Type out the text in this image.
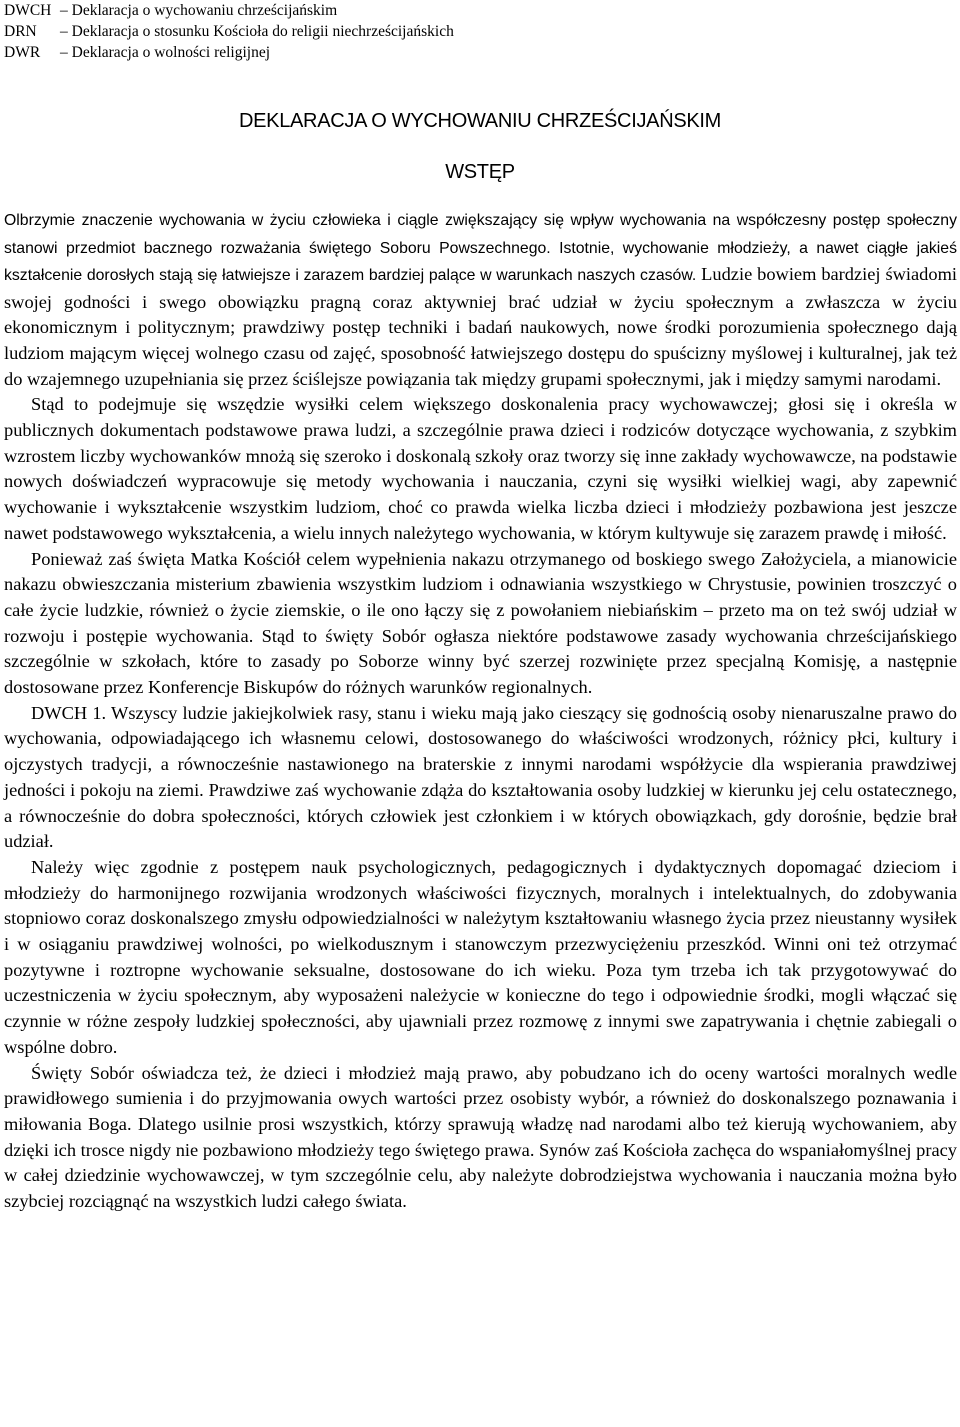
DWCH – Deklaracja o wychowaniu chrześcijańskim
DRN	– Deklaracja o stosunku Kościoła do religii niechrześcijańskich
DWR	– Deklaracja o wolności religijnej
DEKLARACJA O WYCHOWANIU CHRZEŚCIJAŃSKIM
WSTĘP

Olbrzymie znaczenie wychowania w życiu człowieka i ciągle zwiększający się wpływ wychowania na współczesny postęp społeczny stanowi przedmiot bacznego rozważania świętego Soboru Powszechnego. Istotnie, wychowanie młodzieży, a nawet ciągłe jakieś kształcenie dorosłych stają się łatwiejsze i zarazem bardziej palące w warunkach naszych czasów. Ludzie bowiem bardziej świadomi swojej godności i swego obowiązku pragną coraz aktywniej brać udział w życiu społecznym a zwłaszcza w życiu ekonomicznym i politycznym; prawdziwy postęp techniki i badań naukowych, nowe środki porozumienia społecznego dają ludziom mającym więcej wolnego czasu od zajęć, sposobność łatwiejszego dostępu do spuścizny myślowej i kulturalnej, jak też do wzajemnego uzupełniania się przez ściślejsze powiązania tak między grupami społecznymi, jak i między samymi narodami.

Stąd to podejmuje się wszędzie wysiłki celem większego doskonalenia pracy wychowawczej; głosi się i określa w publicznych dokumentach podstawowe prawa ludzi, a szczególnie prawa dzieci i rodziców dotyczące wychowania, z szybkim wzrostem liczby wychowanków mnożą się szeroko i doskonalą szkoły oraz tworzy się inne zakłady wychowawcze, na podstawie nowych doświadczeń wypracowuje się metody wychowania i nauczania, czyni się wysiłki wielkiej wagi, aby zapewnić wychowanie i wykształcenie wszystkim ludziom, choć co prawda wielka liczba dzieci i młodzieży pozbawiona jest jeszcze nawet podstawowego wykształcenia, a wielu innych należytego wychowania, w którym kultywuje się zarazem prawdę i miłość.

Ponieważ zaś święta Matka Kościół celem wypełnienia nakazu otrzymanego od boskiego swego Założyciela, a mianowicie nakazu obwieszczania misterium zbawienia wszystkim ludziom i odnawiania wszystkiego w Chrystusie, powinien troszczyć o całe życie ludzkie, również o życie ziemskie, o ile ono łączy się z powołaniem niebiańskim – przeto ma on też swój udział w rozwoju i postępie wychowania. Stąd to święty Sobór ogłasza niektóre podstawowe zasady wychowania chrześcijańskiego szczególnie w szkołach, które to zasady po Soborze winny być szerzej rozwinięte przez specjalną Komisję, a następnie dostosowane przez Konferencje Biskupów do różnych warunków regionalnych.

DWCH 1. Wszyscy ludzie jakiejkolwiek rasy, stanu i wieku mają jako cieszący się godnością osoby nienaruszalne prawo do wychowania, odpowiadającego ich własnemu celowi, dostosowanego do właściwości wrodzonych, różnicy płci, kultury i ojczystych tradycji, a równocześnie nastawionego na braterskie z innymi narodami współżycie dla wspierania prawdziwej jedności i pokoju na ziemi. Prawdziwe zaś wychowanie zdąża do kształtowania osoby ludzkiej w kierunku jej celu ostatecznego, a równocześnie do dobra społeczności, których człowiek jest członkiem i w których obowiązkach, gdy dorośnie, będzie brał udział.

Należy więc zgodnie z postępem nauk psychologicznych, pedagogicznych i dydaktycznych dopomagać dzieciom i młodzieży do harmonijnego rozwijania wrodzonych właściwości fizycznych, moralnych i intelektualnych, do zdobywania stopniowo coraz doskonalszego zmysłu odpowiedzialności w należytym kształtowaniu własnego życia przez nieustanny wysiłek i w osiąganiu prawdziwej wolności, po wielkodusznym i stanowczym przezwyciężeniu przeszkód. Winni oni też otrzymać pozytywne i roztropne wychowanie seksualne, dostosowane do ich wieku. Poza tym trzeba ich tak przygotowywać do uczestniczenia w życiu społecznym, aby wyposażeni należycie w konieczne do tego i odpowiednie środki, mogli włączać się czynnie w różne zespoły ludzkiej społeczności, aby ujawniali przez rozmowę z innymi swe zapatrywania i chętnie zabiegali o wspólne dobro.

Święty Sobór oświadcza też, że dzieci i młodzież mają prawo, aby pobudzano ich do oceny wartości moralnych wedle prawidłowego sumienia i do przyjmowania owych wartości przez osobisty wybór, a również do doskonalszego poznawania i miłowania Boga. Dlatego usilnie prosi wszystkich, którzy sprawują władzę nad narodami albo też kierują wychowaniem, aby dzięki ich trosce nigdy nie pozbawiono młodzieży tego świętego prawa. Synów zaś Kościoła zachęca do wspaniałomyślnej pracy w całej dziedzinie wychowawczej, w tym szczególnie celu, aby należyte dobrodziejstwa wychowania i nauczania można było szybciej rozciągnąć na wszystkich ludzi całego świata.
